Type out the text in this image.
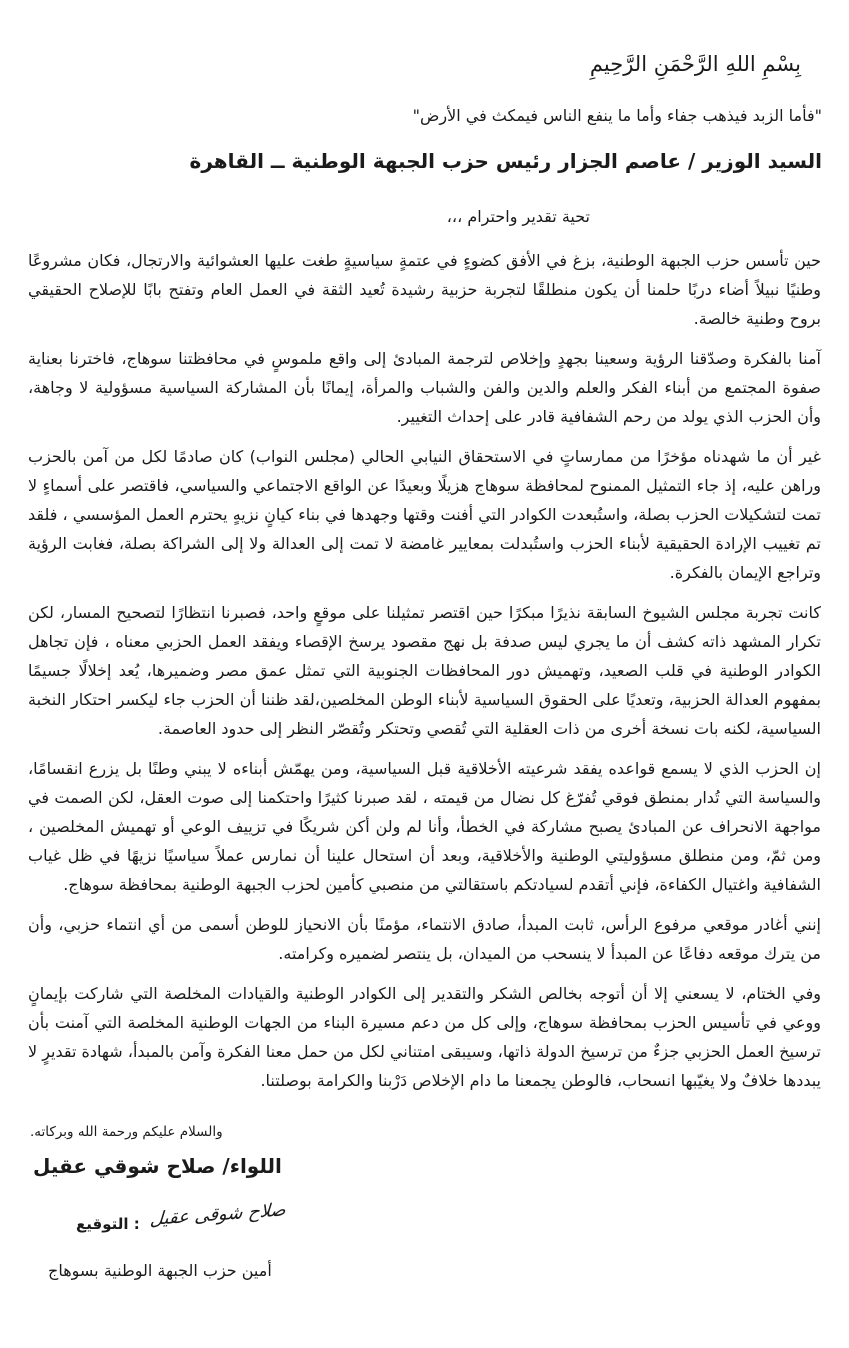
بِسْمِ اللهِ الرَّحْمَنِ الرَّحِيمِ
"فأما الزبد فيذهب جفاء وأما ما ينفع الناس فيمكث في الأرض"
السيد الوزير / عاصم الجزار رئيس حزب الجبهة الوطنية ــ القاهرة
تحية تقدير واحترام ،،،

حين تأسس حزب الجبهة الوطنية، بزغ في الأفق كضوءٍ في عتمةٍ سياسيةٍ طغت عليها العشوائية والارتجال، فكان مشروعًا وطنيًا نبيلاً أضاء دربًا حلمنا أن يكون منطلقًا لتجربة حزبية رشيدة تُعيد الثقة في العمل العام وتفتح بابًا للإصلاح الحقيقي بروح وطنية خالصة.

آمنا بالفكرة وصدّقنا الرؤية وسعينا بجهدٍ وإخلاص لترجمة المبادئ إلى واقع ملموسٍ في محافظتنا سوهاج، فاخترنا بعناية صفوة المجتمع من أبناء الفكر والعلم والدين والفن والشباب والمرأة، إيمانًا بأن المشاركة السياسية مسؤولية لا وجاهة، وأن الحزب الذي يولد من رحم الشفافية قادر على إحداث التغيير.

غير أن ما شهدناه مؤخرًا من ممارساتٍ في الاستحقاق النيابي الحالي (مجلس النواب) كان صادمًا لكل من آمن بالحزب وراهن عليه، إذ جاء التمثيل الممنوح لمحافظة سوهاج هزيلًا وبعيدًا عن الواقع الاجتماعي والسياسي، فاقتصر على أسماءٍ لا تمت لتشكيلات الحزب بصلة، واستُبعدت الكوادر التي أفنت وقتها وجهدها في بناء كيانٍ نزيهٍ يحترم العمل المؤسسي ، فلقد تم تغييب الإرادة الحقيقية لأبناء الحزب واستُبدلت بمعايير غامضة لا تمت إلى العدالة ولا إلى الشراكة بصلة، فغابت الرؤية وتراجع الإيمان بالفكرة.

كانت تجربة مجلس الشيوخ السابقة نذيرًا مبكرًا حين اقتصر تمثيلنا على موقعٍ واحد، فصبرنا انتظارًا لتصحيح المسار، لكن تكرار المشهد ذاته كشف أن ما يجري ليس صدفة بل نهج مقصود يرسخ الإقصاء ويفقد العمل الحزبي معناه ، فإن تجاهل الكوادر الوطنية في قلب الصعيد، وتهميش دور المحافظات الجنوبية التي تمثل عمق مصر وضميرها، يُعد إخلالًا جسيمًا بمفهوم العدالة الحزبية، وتعديًا على الحقوق السياسية لأبناء الوطن المخلصين،لقد ظننا أن الحزب جاء ليكسر احتكار النخبة السياسية، لكنه بات نسخة أخرى من ذات العقلية التي تُقصي وتحتكر وتُقصّر النظر إلى حدود العاصمة.

إن الحزب الذي لا يسمع قواعده يفقد شرعيته الأخلاقية قبل السياسية، ومن يهمّش أبناءه لا يبني وطنًا بل يزرع انقسامًا، والسياسة التي تُدار بمنطق فوقي تُفرّغ كل نضال من قيمته ، لقد صبرنا كثيرًا واحتكمنا إلى صوت العقل، لكن الصمت في مواجهة الانحراف عن المبادئ يصبح مشاركة في الخطأ، وأنا لم ولن أكن شريكًا في تزييف الوعي أو تهميش المخلصين ، ومن ثمّ، ومن منطلق مسؤوليتي الوطنية والأخلاقية، وبعد أن استحال علينا أن نمارس عملاً سياسيًا نزيهًا في ظل غياب الشفافية واغتيال الكفاءة، فإني أتقدم لسيادتكم باستقالتي من منصبي كأمين لحزب الجبهة الوطنية بمحافظة سوهاج.

إنني أغادر موقعي مرفوع الرأس، ثابت المبدأ، صادق الانتماء، مؤمنًا بأن الانحياز للوطن أسمى من أي انتماء حزبي، وأن من يترك موقعه دفاعًا عن المبدأ لا ينسحب من الميدان، بل ينتصر لضميره وكرامته.

وفي الختام، لا يسعني إلا أن أتوجه بخالص الشكر والتقدير إلى الكوادر الوطنية والقيادات المخلصة التي شاركت بإيمانٍ ووعي في تأسيس الحزب بمحافظة سوهاج، وإلى كل من دعم مسيرة البناء من الجهات الوطنية المخلصة التي آمنت بأن ترسيخ العمل الحزبي جزءٌ من ترسيخ الدولة ذاتها، وسيبقى امتناني لكل من حمل معنا الفكرة وآمن بالمبدأ، شهادة تقديرٍ لا يبددها خلافٌ ولا يغيّبها انسحاب، فالوطن يجمعنا ما دام الإخلاص دَرْبنا والكرامة بوصلتنا.

والسلام عليكم ورحمة الله وبركاته.
اللواء/ صلاح شوقي عقيل
التوقيع : صلاح شوقى عقيل
أمين حزب الجبهة الوطنية بسوهاج
